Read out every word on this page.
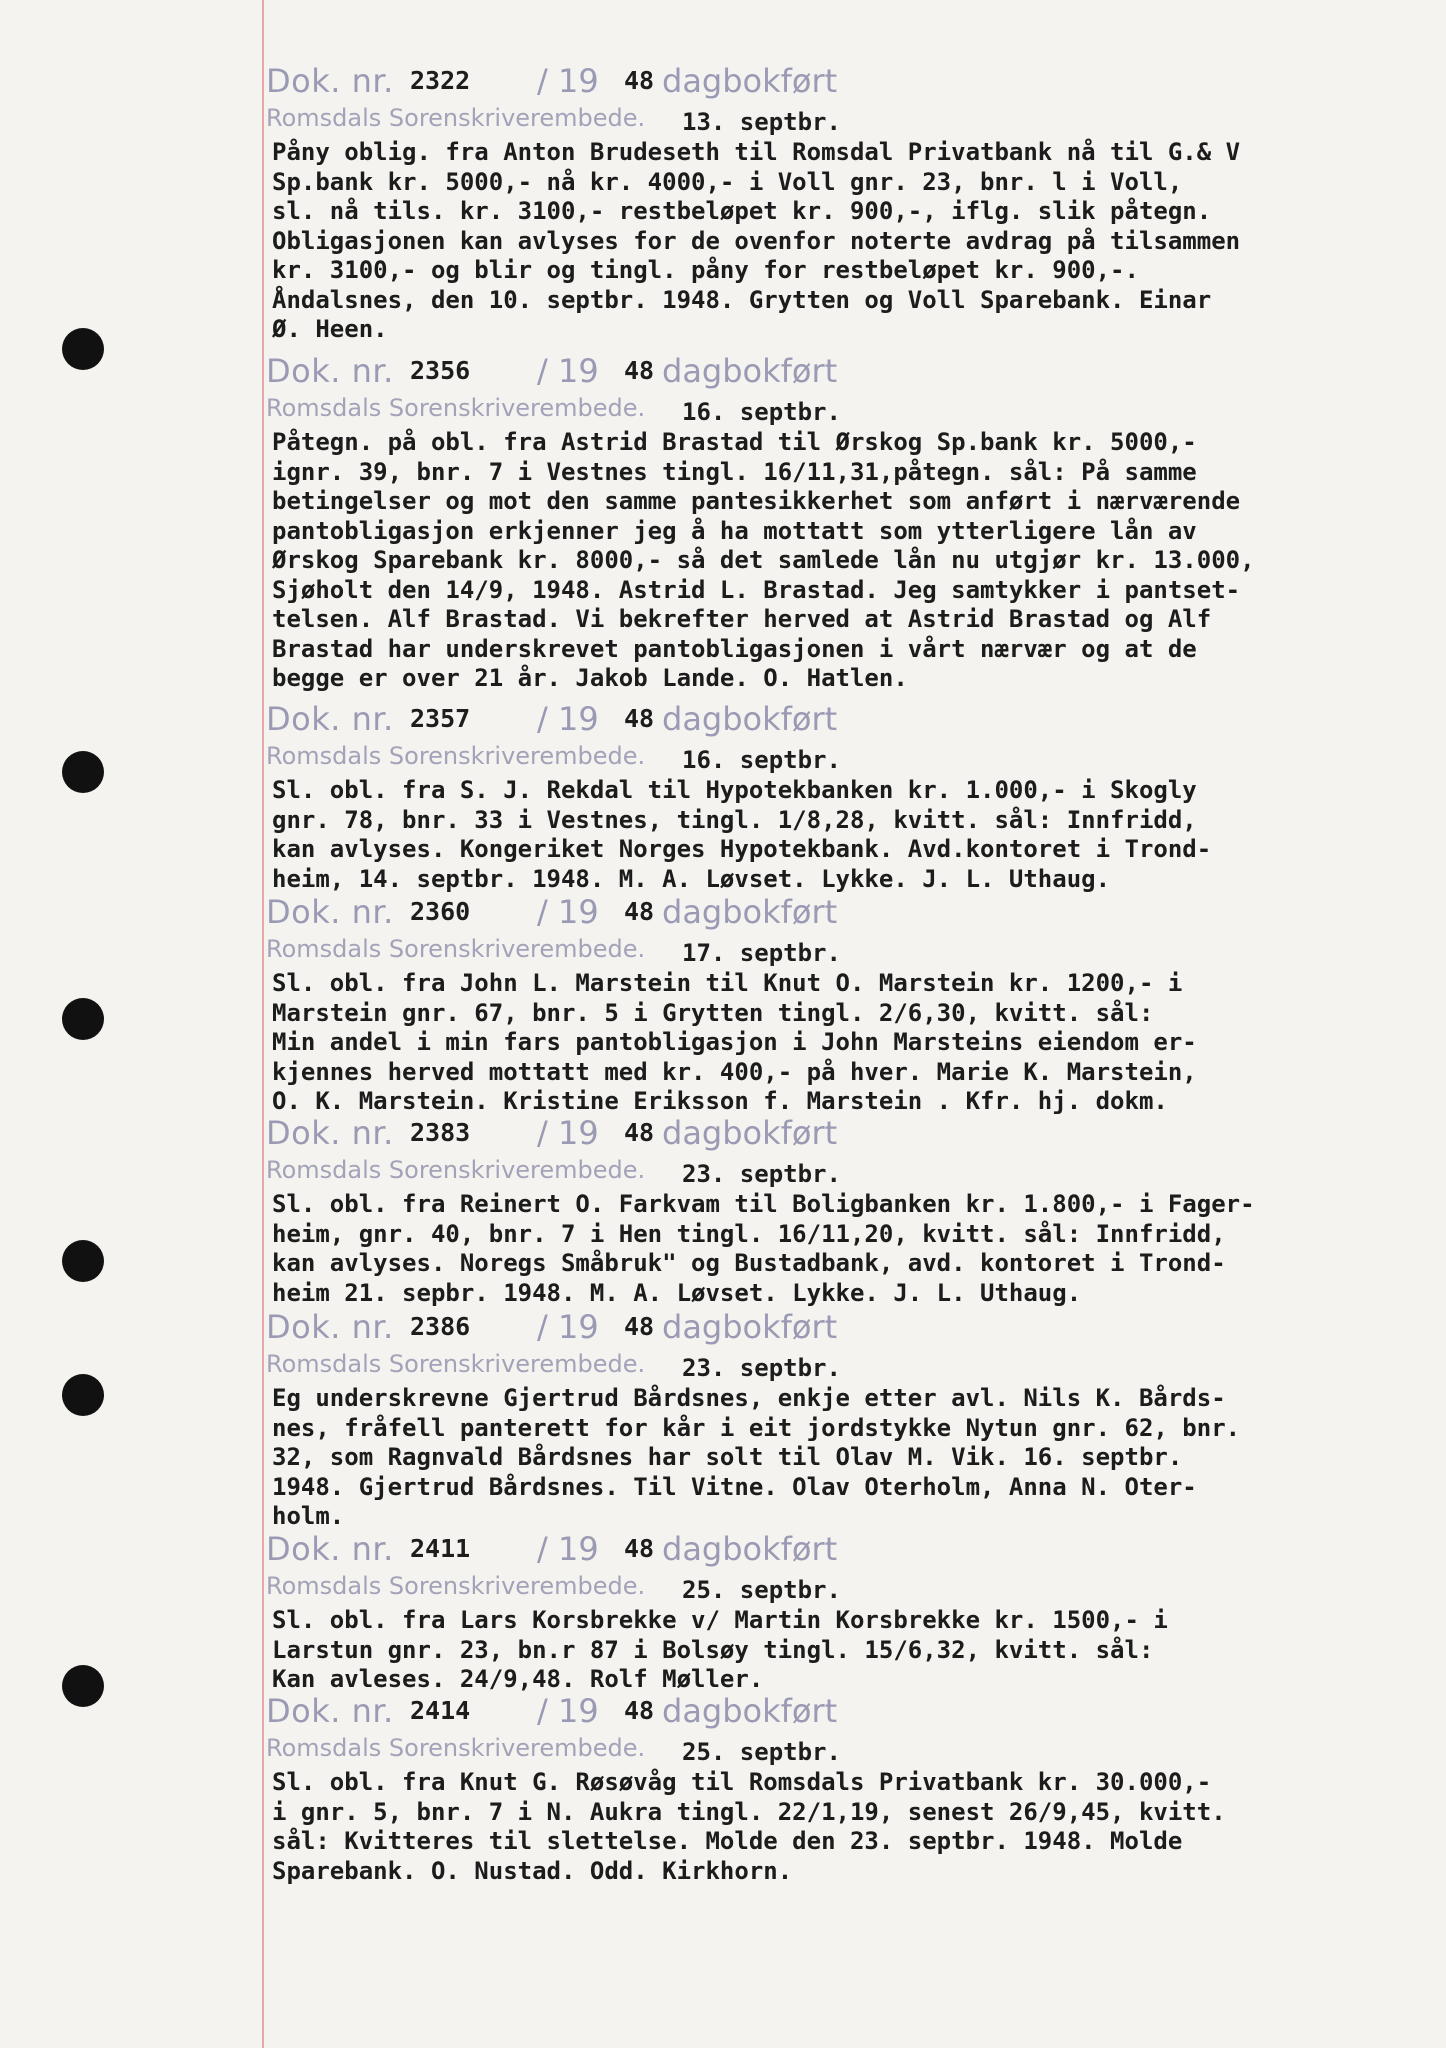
Dok. nr. 2322 / 19 48 dagbokført
Romsdals Sorenskriverembede. 13. septbr.
Påny oblig. fra Anton Brudeseth til Romsdal Privatbank nå til G.& V
Sp.bank kr. 5000,- nå kr. 4000,- i Voll gnr. 23, bnr. l i Voll,
sl. nå tils. kr. 3100,- restbeløpet kr. 900,-, iflg. slik påtegn.
Obligasjonen kan avlyses for de ovenfor noterte avdrag på tilsammen
kr. 3100,- og blir og tingl. påny for restbeløpet kr. 900,-.
Åndalsnes, den 10. septbr. 1948. Grytten og Voll Sparebank. Einar
Ø. Heen.
Dok. nr. 2356 / 19 48 dagbokført
Romsdals Sorenskriverembede. 16. septbr.
Påtegn. på obl. fra Astrid Brastad til Ørskog Sp.bank kr. 5000,-
ignr. 39, bnr. 7 i Vestnes tingl. 16/11,31,påtegn. sål: På samme
betingelser og mot den samme pantesikkerhet som anført i nærværende
pantobligasjon erkjenner jeg å ha mottatt som ytterligere lån av
Ørskog Sparebank kr. 8000,- så det samlede lån nu utgjør kr. 13.000,
Sjøholt den 14/9, 1948. Astrid L. Brastad. Jeg samtykker i pantset-
telsen. Alf Brastad. Vi bekrefter herved at Astrid Brastad og Alf
Brastad har underskrevet pantobligasjonen i vårt nærvær og at de
begge er over 21 år. Jakob Lande. O. Hatlen.
Dok. nr. 2357 / 19 48 dagbokført
Romsdals Sorenskriverembede. 16. septbr.
Sl. obl. fra S. J. Rekdal til Hypotekbanken kr. 1.000,- i Skogly
gnr. 78, bnr. 33 i Vestnes, tingl. 1/8,28, kvitt. sål: Innfridd,
kan avlyses. Kongeriket Norges Hypotekbank. Avd.kontoret i Trond-
heim, 14. septbr. 1948. M. A. Løvset. Lykke. J. L. Uthaug.
Dok. nr. 2360 / 19 48 dagbokført
Romsdals Sorenskriverembede. 17. septbr.
Sl. obl. fra John L. Marstein til Knut O. Marstein kr. 1200,- i
Marstein gnr. 67, bnr. 5 i Grytten tingl. 2/6,30, kvitt. sål:
Min andel i min fars pantobligasjon i John Marsteins eiendom er-
kjennes herved mottatt med kr. 400,- på hver. Marie K. Marstein,
O. K. Marstein. Kristine Eriksson f. Marstein . Kfr. hj. dokm.
Dok. nr. 2383 / 19 48 dagbokført
Romsdals Sorenskriverembede. 23. septbr.
Sl. obl. fra Reinert O. Farkvam til Boligbanken kr. 1.800,- i Fager-
heim, gnr. 40, bnr. 7 i Hen tingl. 16/11,20, kvitt. sål: Innfridd,
kan avlyses. Noregs Småbruk" og Bustadbank, avd. kontoret i Trond-
heim 21. sepbr. 1948. M. A. Løvset. Lykke. J. L. Uthaug.
Dok. nr. 2386 / 19 48 dagbokført
Romsdals Sorenskriverembede. 23. septbr.
Eg underskrevne Gjertrud Bårdsnes, enkje etter avl. Nils K. Bårds-
nes, fråfell panterett for kår i eit jordstykke Nytun gnr. 62, bnr.
32, som Ragnvald Bårdsnes har solt til Olav M. Vik. 16. septbr.
1948. Gjertrud Bårdsnes. Til Vitne. Olav Oterholm, Anna N. Oter-
holm.
Dok. nr. 2411 / 19 48 dagbokført
Romsdals Sorenskriverembede. 25. septbr.
Sl. obl. fra Lars Korsbrekke v/ Martin Korsbrekke kr. 1500,- i
Larstun gnr. 23, bn.r 87 i Bolsøy tingl. 15/6,32, kvitt. sål:
Kan avleses. 24/9,48. Rolf Møller.
Dok. nr. 2414 / 19 48 dagbokført
Romsdals Sorenskriverembede. 25. septbr.
Sl. obl. fra Knut G. Røsøvåg til Romsdals Privatbank kr. 30.000,-
i gnr. 5, bnr. 7 i N. Aukra tingl. 22/1,19, senest 26/9,45, kvitt.
sål: Kvitteres til slettelse. Molde den 23. septbr. 1948. Molde
Sparebank. O. Nustad. Odd. Kirkhorn.
